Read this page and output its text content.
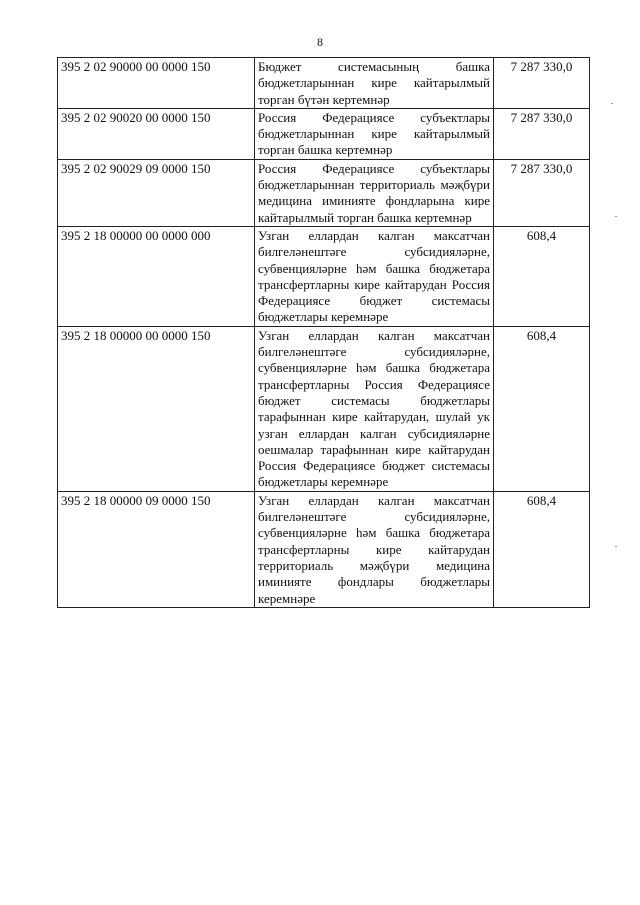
8
395 2 02 90000 00 0000 150	Бюджет системасының башка бюджетларыннан кире кайтарылмый торган бүтән кертемнәр	7 287 330,0
395 2 02 90020 00 0000 150	Россия Федерациясе субъектлары бюджетларыннан кире кайтарылмый торган башка кертемнәр	7 287 330,0
395 2 02 90029 09 0000 150	Россия Федерациясе субъектлары бюджетларыннан территориаль мәҗбүри медицина иминияте фондларына кире кайтарылмый торган башка кертемнәр	7 287 330,0
395 2 18 00000 00 0000 000	Узган еллардан калган максатчан билгеләнештәге субсидияләрне, субвенцияләрне һәм башка бюджетара трансфертларны кире кайтарудан Россия Федерациясе бюджет системасы бюджетлары керемнәре	608,4
395 2 18 00000 00 0000 150	Узган еллардан калган максатчан билгеләнештәге субсидияләрне, субвенцияләрне һәм башка бюджетара трансфертларны Россия Федерациясе бюджет системасы бюджетлары тарафыннан кире кайтарудан, шулай ук узган еллардан калган субсидияләрне оешмалар тарафыннан кире кайтарудан Россия Федерациясе бюджет системасы бюджетлары керемнәре	608,4
395 2 18 00000 09 0000 150	Узган еллардан калган максатчан билгеләнештәге субсидияләрне, субвенцияләрне һәм башка бюджетара трансфертларны кире кайтарудан территориаль мәҗбүри медицина иминияте фондлары бюджетлары керемнәре	608,4
